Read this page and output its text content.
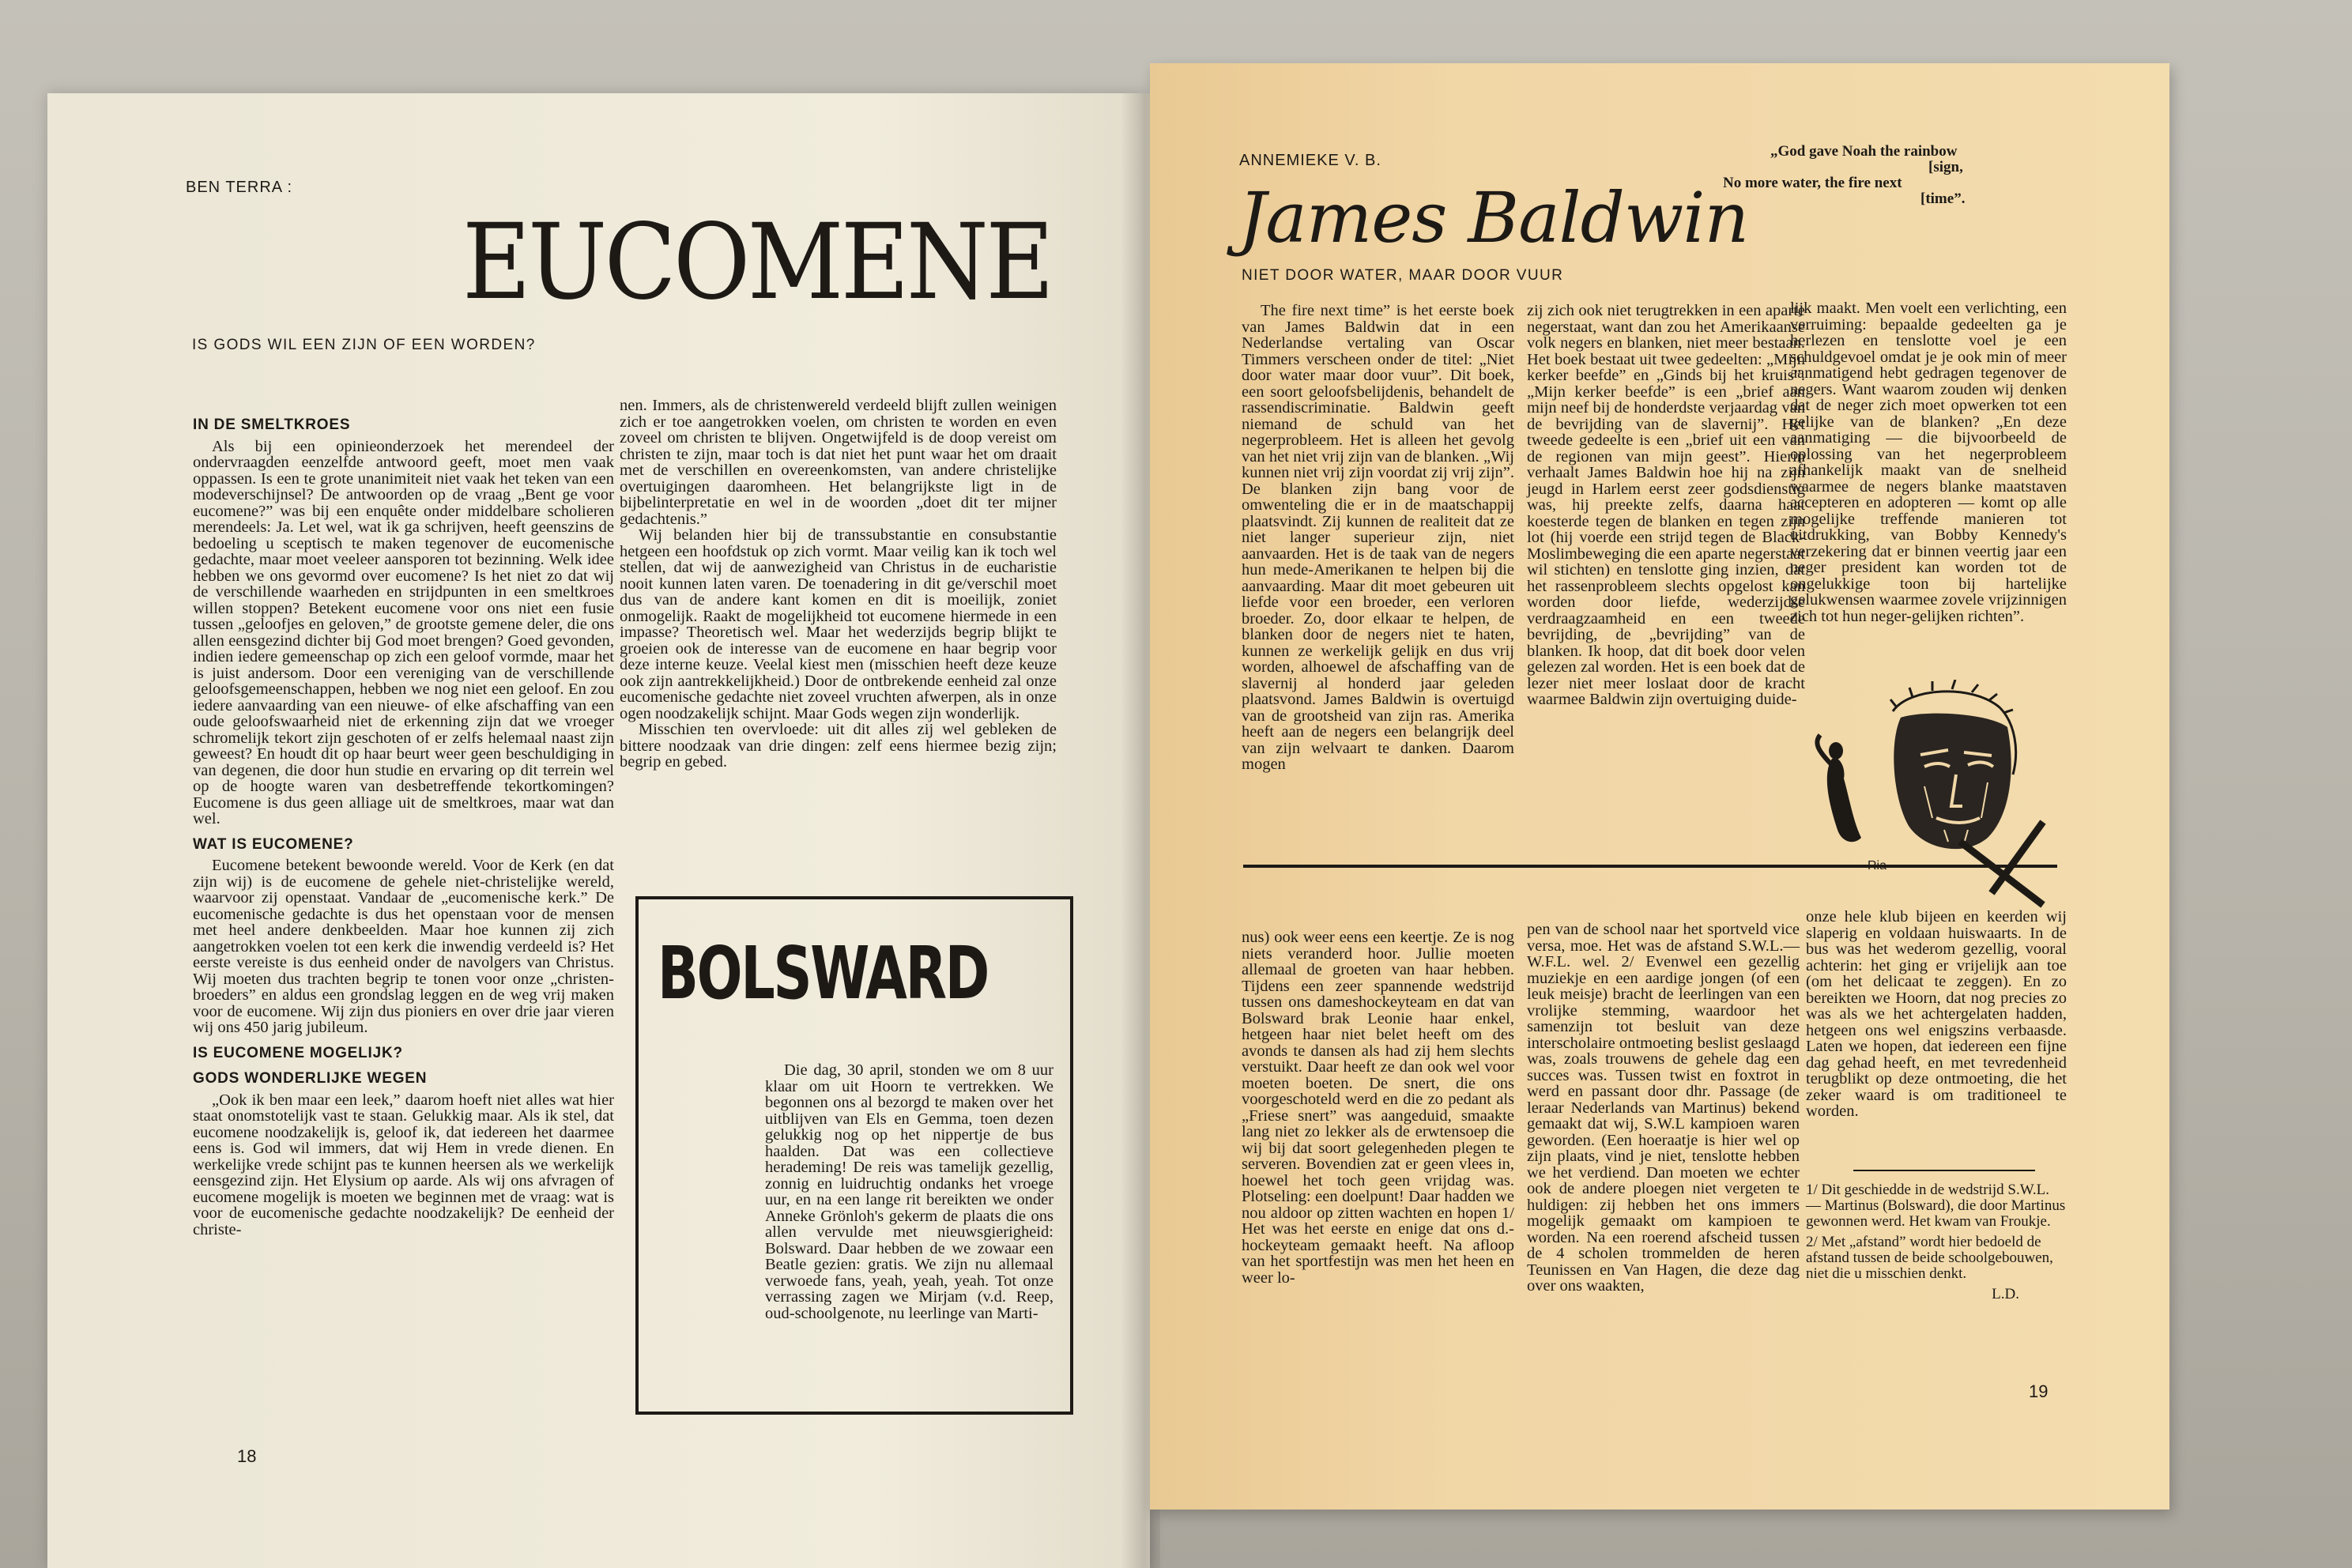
BEN TERRA :
EUCOMENE
IS GODS WIL EEN ZIJN OF EEN WORDEN?
IN DE SMELTKROES

Als bij een opinieonderzoek het merendeel der ondervraagden eenzelfde antwoord geeft, moet men vaak oppassen. Is een te grote unanimiteit niet vaak het teken van een modeverschijnsel? De antwoorden op de vraag „Bent ge voor eucomene?” was bij een enquête onder middelbare scholieren merendeels: Ja. Let wel, wat ik ga schrijven, heeft geenszins de bedoeling u sceptisch te maken tegenover de eucomenische gedachte, maar moet veeleer aansporen tot bezinning. Welk idee hebben we ons gevormd over eucomene? Is het niet zo dat wij de verschillende waarheden en strijdpunten in een smeltkroes willen stoppen? Betekent eucomene voor ons niet een fusie tussen „geloofjes en geloven,” de grootste gemene deler, die ons allen eensgezind dichter bij God moet brengen? Goed gevonden, indien iedere gemeenschap op zich een geloof vormde, maar het is juist andersom. Door een vereniging van de verschillende geloofsgemeenschappen, hebben we nog niet een geloof. En zou iedere aanvaarding van een nieuwe- of elke afschaffing van een oude geloofswaarheid niet de erkenning zijn dat we vroeger schromelijk tekort zijn geschoten of er zelfs helemaal naast zijn geweest? En houdt dit op haar beurt weer geen beschuldiging in van degenen, die door hun studie en ervaring op dit terrein wel op de hoogte waren van desbetreffende tekortkomingen? Eucomene is dus geen alliage uit de smeltkroes, maar wat dan wel.

WAT IS EUCOMENE?

Eucomene betekent bewoonde wereld. Voor de Kerk (en dat zijn wij) is de eucomene de gehele niet-christelijke wereld, waarvoor zij openstaat. Vandaar de „eucomenische kerk.” De eucomenische gedachte is dus het openstaan voor de mensen met heel andere denkbeelden. Maar hoe kunnen zij zich aangetrokken voelen tot een kerk die inwendig verdeeld is? Het eerste vereiste is dus eenheid onder de navolgers van Christus. Wij moeten dus trachten begrip te tonen voor onze „christen-broeders” en aldus een grondslag leggen en de weg vrij maken voor de eucomene. Wij zijn dus pioniers en over drie jaar vieren wij ons 450 jarig jubileum.

IS EUCOMENE MOGELIJK?
GODS WONDERLIJKE WEGEN

„Ook ik ben maar een leek,” daarom hoeft niet alles wat hier staat onomstotelijk vast te staan. Gelukkig maar. Als ik stel, dat eucomene noodzakelijk is, geloof ik, dat iedereen het daarmee eens is. God wil immers, dat wij Hem in vrede dienen. En werkelijke vrede schijnt pas te kunnen heersen als we werkelijk eensgezind zijn. Het Elysium op aarde. Als wij ons afvragen of eucomene mogelijk is moeten we beginnen met de vraag: wat is voor de eucomenische gedachte noodzakelijk? De eenheid der christe-

nen. Immers, als de christenwereld verdeeld blijft zullen weinigen zich er toe aangetrokken voelen, om christen te worden en even zoveel om christen te blijven. Ongetwijfeld is de doop vereist om christen te zijn, maar toch is dat niet het punt waar het om draait met de verschillen en overeenkomsten, van andere christelijke overtuigingen daaromheen. Het belangrijkste ligt in de bijbelinterpretatie en wel in de woorden „doet dit ter mijner gedachtenis.”

Wij belanden hier bij de transsubstantie en consubstantie hetgeen een hoofdstuk op zich vormt. Maar veilig kan ik toch wel stellen, dat wij de aanwezigheid van Christus in de eucharistie nooit kunnen laten varen. De toenadering in dit ge/verschil moet dus van de andere kant komen en dit is moeilijk, zoniet onmogelijk. Raakt de mogelijkheid tot eucomene hiermede in een impasse? Theoretisch wel. Maar het wederzijds begrip blijkt te groeien ook de interesse van de eucomene en haar begrip voor deze interne keuze. Veelal kiest men (misschien heeft deze keuze ook zijn aantrekkelijkheid.) Door de ontbrekende eenheid zal onze eucomenische gedachte niet zoveel vruchten afwerpen, als in onze ogen noodzakelijk schijnt. Maar Gods wegen zijn wonderlijk.

Misschien ten overvloede: uit dit alles zij wel gebleken de bittere noodzaak van drie dingen: zelf eens hiermee bezig zijn; begrip en gebed.

BOLSWARD

Die dag, 30 april, stonden we om 8 uur klaar om uit Hoorn te vertrekken. We begonnen ons al bezorgd te maken over het uitblijven van Els en Gemma, toen dezen gelukkig nog op het nippertje de bus haalden. Dat was een collectieve herademing! De reis was tamelijk gezellig, zonnig en luidruchtig ondanks het vroege uur, en na een lange rit bereikten we onder Anneke Grönloh's gekerm de plaats die ons allen vervulde met nieuwsgierigheid: Bolsward. Daar hebben de we zowaar een Beatle gezien: gratis. We zijn nu allemaal verwoede fans, yeah, yeah, yeah. Tot onze verrassing zagen we Mirjam (v.d. Reep, oud-schoolgenote, nu leerlinge van Marti-

18
ANNEMIEKE V. B.
James Baldwin
NIET DOOR WATER, MAAR DOOR VUUR
„God gave Noah the rainbow
[sign,
No more water, the fire next
[time”.

The fire next time” is het eerste boek van James Baldwin dat in een Nederlandse vertaling van Oscar Timmers verscheen onder de titel: „Niet door water maar door vuur”. Dit boek, een soort geloofsbelijdenis, behandelt de rassendiscriminatie. Baldwin geeft niemand de schuld van het negerprobleem. Het is alleen het gevolg van het niet vrij zijn van de blanken. „Wij kunnen niet vrij zijn voordat zij vrij zijn”. De blanken zijn bang voor de omwenteling die er in de maatschappij plaatsvindt. Zij kunnen de realiteit dat ze niet langer superieur zijn, niet aanvaarden. Het is de taak van de negers hun mede-Amerikanen te helpen bij die aanvaarding. Maar dit moet gebeuren uit liefde voor een broeder, een verloren broeder. Zo, door elkaar te helpen, de blanken door de negers niet te haten, kunnen ze werkelijk gelijk en dus vrij worden, alhoewel de afschaffing van de slavernij al honderd jaar geleden plaatsvond. James Baldwin is overtuigd van de grootsheid van zijn ras. Amerika heeft aan de negers een belangrijk deel van zijn welvaart te danken. Daarom mogen

zij zich ook niet terugtrekken in een aparte negerstaat, want dan zou het Amerikaanse volk negers en blanken, niet meer bestaan. Het boek bestaat uit twee gedeelten: „Mijn kerker beefde” en „Ginds bij het kruis”. „Mijn kerker beefde” is een „brief aan mijn neef bij de honderdste verjaardag van de bevrijding van de slavernij”. Het tweede gedeelte is een „brief uit een van de regionen van mijn geest”. Hierin verhaalt James Baldwin hoe hij na zijn jeugd in Harlem eerst zeer godsdienstig was, hij preekte zelfs, daarna haat koesterde tegen de blanken en tegen zijn lot (hij voerde een strijd tegen de Black-Moslimbeweging die een aparte negerstaat wil stichten) en tenslotte ging inzien, dat het rassenprobleem slechts opgelost kan worden door liefde, wederzijdse verdraagzaamheid en een tweede bevrijding, de „bevrijding” van de blanken. Ik hoop, dat dit boek door velen gelezen zal worden. Het is een boek dat de lezer niet meer loslaat door de kracht waarmee Baldwin zijn overtuiging duide-

lijk maakt. Men voelt een verlichting, een verruiming: bepaalde gedeelten ga je herlezen en tenslotte voel je een schuldgevoel omdat je je ook min of meer aanmatigend hebt gedragen tegenover de negers. Want waarom zouden wij denken dat de neger zich moet opwerken tot een gelijke van de blanken? „En deze aanmatiging — die bijvoorbeeld de oplossing van het negerprobleem afhankelijk maakt van de snelheid waarmee de negers blanke maatstaven accepteren en adopteren — komt op alle mogelijke treffende manieren tot uitdrukking, van Bobby Kennedy's verzekering dat er binnen veertig jaar een neger president kan worden tot de ongelukkige toon bij hartelijke gelukwensen waarmee zovele vrijzinnigen zich tot hun neger-gelijken richten”.

nus) ook weer eens een keertje. Ze is nog niets veranderd hoor. Jullie moeten allemaal de groeten van haar hebben. Tijdens een zeer spannende wedstrijd tussen ons dameshockeyteam en dat van Bolsward brak Leonie haar enkel, hetgeen haar niet belet heeft om des avonds te dansen als had zij hem slechts verstuikt. Daar heeft ze dan ook wel voor moeten boeten. De snert, die ons voorgeschoteld werd en die zo pedant als „Friese snert” was aangeduid, smaakte lang niet zo lekker als de erwtensoep die wij bij dat soort gelegenheden plegen te serveren. Bovendien zat er geen vlees in, hoewel het toch geen vrijdag was. Plotseling: een doelpunt! Daar hadden we nou aldoor op zitten wachten en hopen 1/ Het was het eerste en enige dat ons d.-hockeyteam gemaakt heeft. Na afloop van het sportfestijn was men het heen en weer lo-

pen van de school naar het sportveld vice versa, moe. Het was de afstand S.W.L.—W.F.L. wel. 2/ Evenwel een gezellig muziekje en een aardige jongen (of een leuk meisje) bracht de leerlingen van een vrolijke stemming, waardoor het samenzijn tot besluit van deze interscholaire ontmoeting beslist geslaagd was, zoals trouwens de gehele dag een succes was. Tussen twist en foxtrot in werd en passant door dhr. Passage (de leraar Nederlands van Martinus) bekend gemaakt dat wij, S.W.L kampioen waren geworden. (Een hoeraatje is hier wel op zijn plaats, vind je niet, tenslotte hebben we het verdiend. Dan moeten we echter ook de andere ploegen niet vergeten te huldigen: zij hebben het ons immers mogelijk gemaakt om kampioen te worden. Na een roerend afscheid tussen de 4 scholen trommelden de heren Teunissen en Van Hagen, die deze dag over ons waakten,

onze hele klub bijeen en keerden wij slaperig en voldaan huiswaarts. In de bus was het wederom gezellig, vooral achterin: het ging er vrijelijk aan toe (om het delicaat te zeggen). En zo bereikten we Hoorn, dat nog precies zo was als we het achtergelaten hadden, hetgeen ons wel enigszins verbaasde. Laten we hopen, dat iedereen een fijne dag gehad heeft, en met tevredenheid terugblikt op deze ontmoeting, die het zeker waard is om traditioneel te worden.

1/ Dit geschiedde in de wedstrijd S.W.L. — Martinus (Bolsward), die door Martinus gewonnen werd. Het kwam van Froukje.
2/ Met „afstand” wordt hier bedoeld de afstand tussen de beide schoolgebouwen, niet die u misschien denkt.
L.D.
19
